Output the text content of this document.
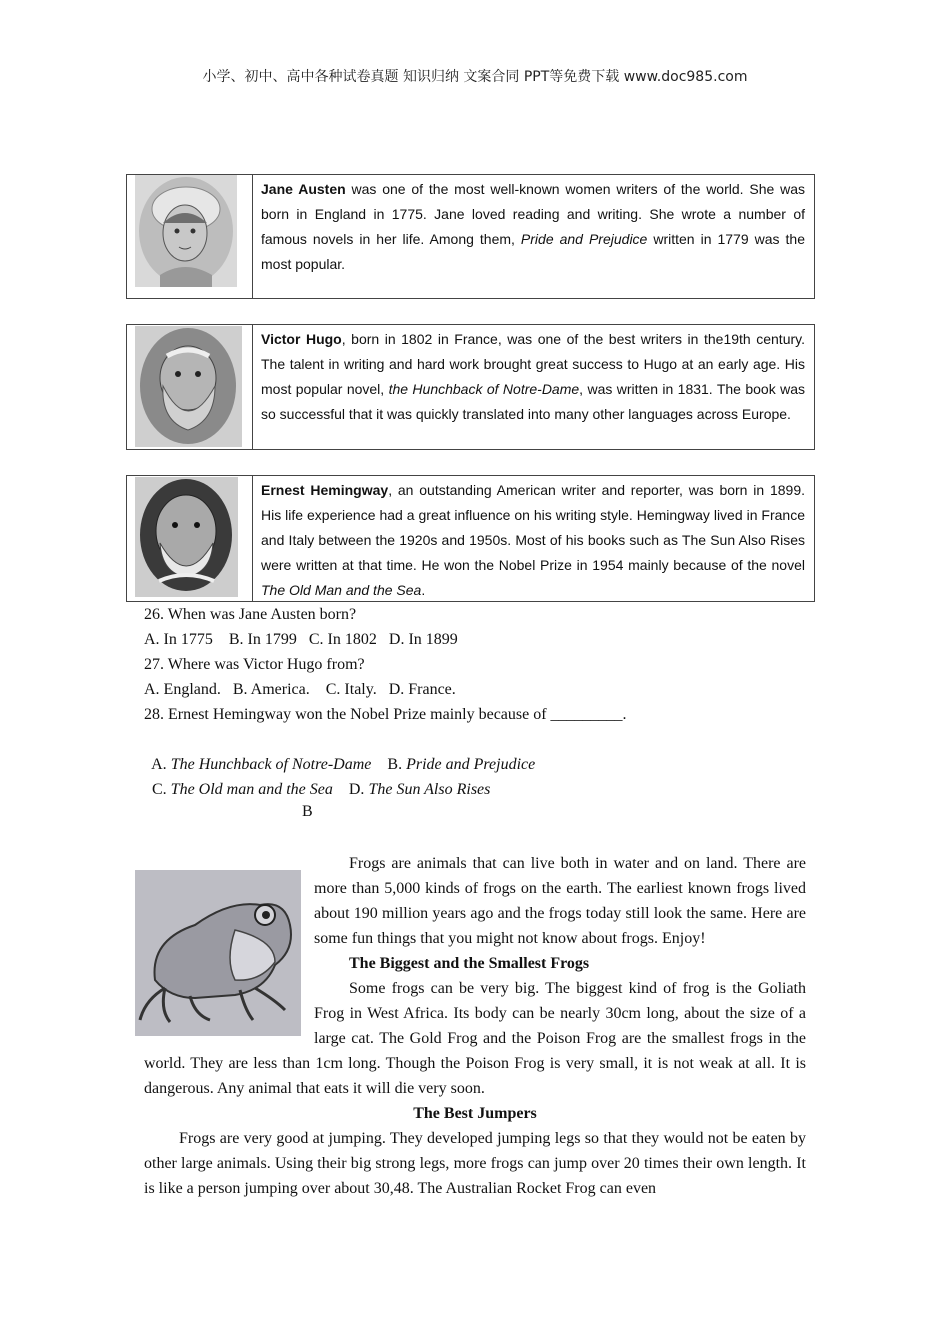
小学、初中、高中各种试卷真题 知识归纳 文案合同 PPT等免费下载 www.doc985.com
Jane Austen was one of the most well-known women writers of the world. She was born in England in 1775. Jane loved reading and writing. She wrote a number of famous novels in her life. Among them, Pride and Prejudice written in 1779 was the most popular.
Victor Hugo, born in 1802 in France, was one of the best writers in the19th century. The talent in writing and hard work brought great success to Hugo at an early age. His most popular novel, the Hunchback of Notre-Dame, was written in 1831. The book was so successful that it was quickly translated into many other languages across Europe.
Ernest Hemingway, an outstanding American writer and reporter, was born in 1899. His life experience had a great influence on his writing style. Hemingway lived in France and Italy between the 1920s and 1950s. Most of his books such as The Sun Also Rises were written at that time. He won the Nobel Prize in 1954 mainly because of the novel The Old Man and the Sea.
26. When was Jane Austen born?
A. In 1775    B. In 1799   C. In 1802   D. In 1899
27. Where was Victor Hugo from?
A. England.   B. America.    C. Italy.   D. France.
28. Ernest Hemingway won the Nobel Prize mainly because of _________.

A. The Hunchback of Notre-Dame    B. Pride and Prejudice

C. The Old man and the Sea    D. The Sun Also Rises

B

Frogs are animals that can live both in water and on land. There are more than 5,000 kinds of frogs on the earth. The earliest known frogs lived about 190 million years ago and the frogs today still look the same. Here are some fun things that you might not know about frogs. Enjoy!

The Biggest and the Smallest Frogs

Some frogs can be very big. The biggest kind of frog is the Goliath Frog in West Africa. Its body can be nearly 30cm long, about the size of a large cat. The Gold Frog and the Poison Frog are the smallest frogs in the world. They are less than 1cm long. Though the Poison Frog is very small, it is not weak at all. It is dangerous. Any animal that eats it will die very soon.

The Best Jumpers

Frogs are very good at jumping. They developed jumping legs so that they would not be eaten by other large animals. Using their big strong legs, more frogs can jump over 20 times their own length. It is like a person jumping over about 30,48. The Australian Rocket Frog can even
